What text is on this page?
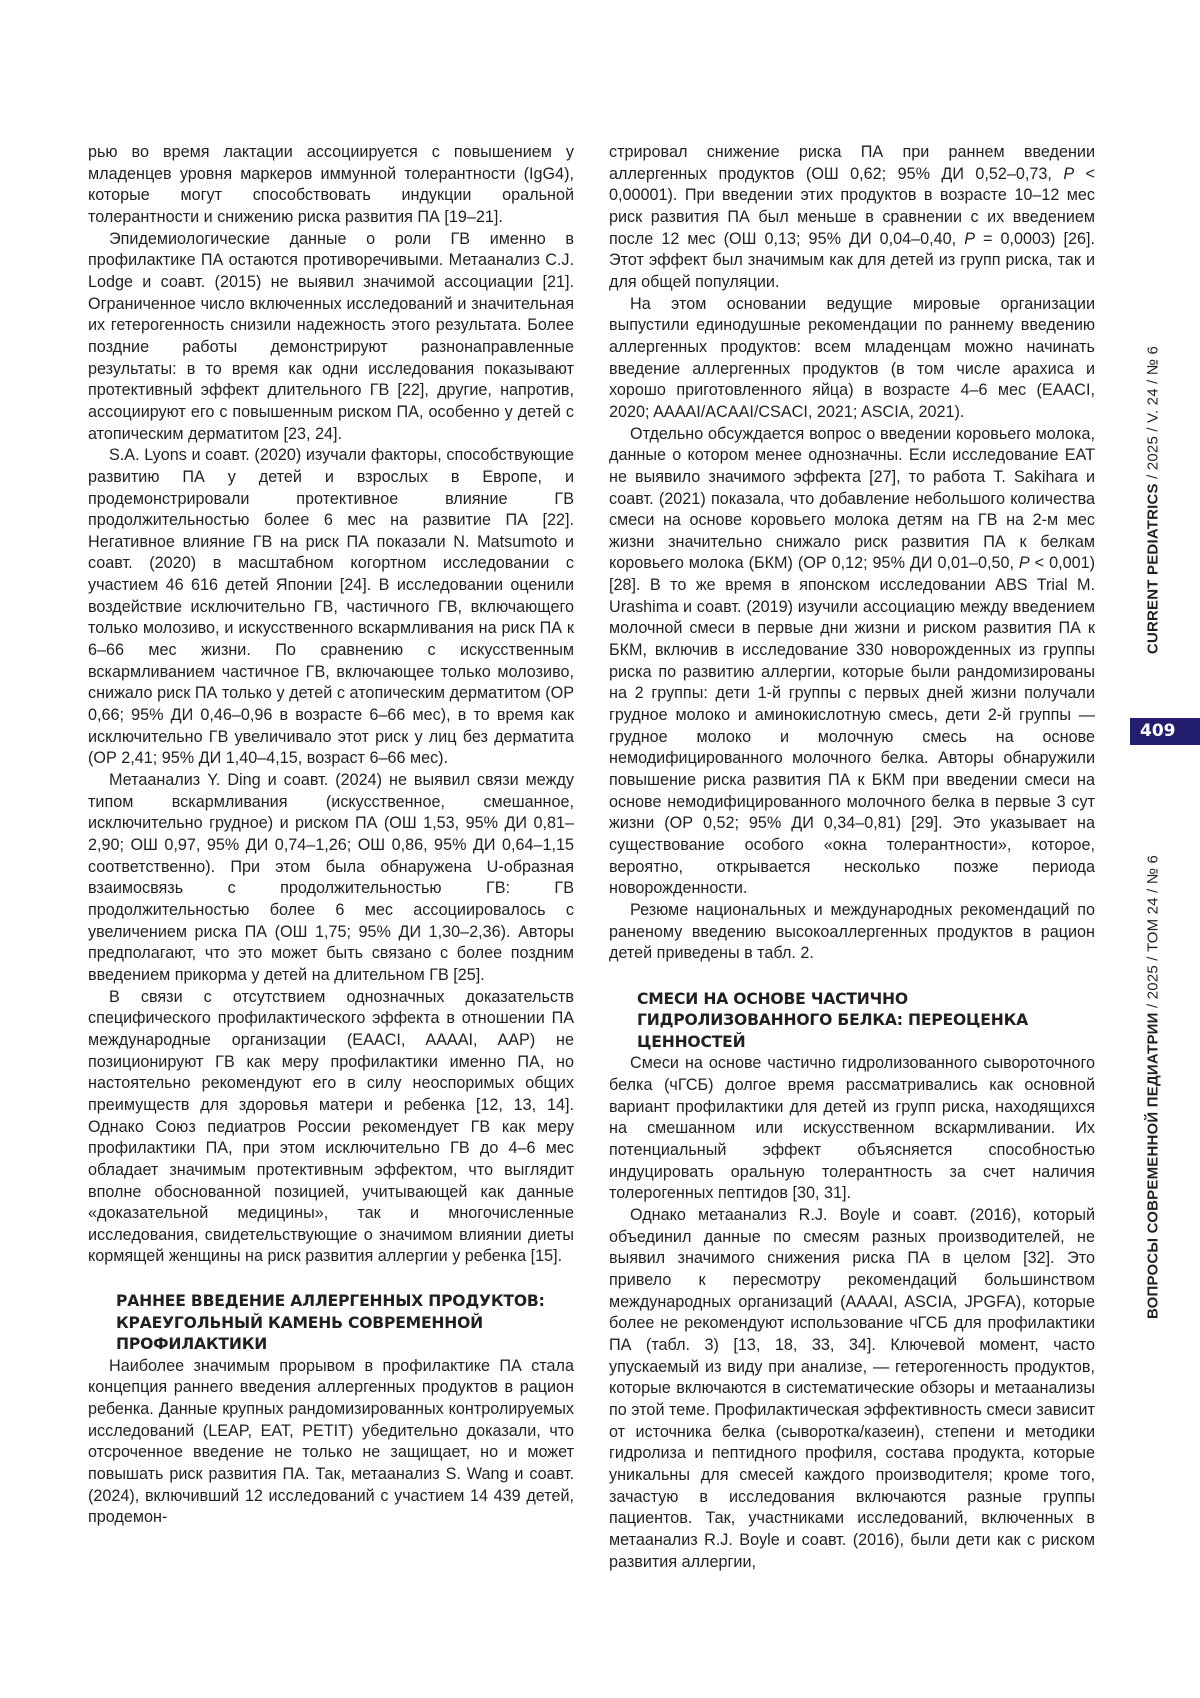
рью во время лактации ассоциируется с повышением у младенцев уровня маркеров иммунной толерантности (IgG4), которые могут способствовать индукции оральной толерантности и снижению риска развития ПА [19–21].

Эпидемиологические данные о роли ГВ именно в профилактике ПА остаются противоречивыми. Метаанализ C.J. Lodge и соавт. (2015) не выявил значимой ассоциации [21]. Ограниченное число включенных исследований и значительная их гетерогенность снизили надежность этого результата. Более поздние работы демонстрируют разнонаправленные результаты: в то время как одни исследования показывают протективный эффект длительного ГВ [22], другие, напротив, ассоциируют его с повышенным риском ПА, особенно у детей с атопическим дерматитом [23, 24].

S.A. Lyons и соавт. (2020) изучали факторы, способствующие развитию ПА у детей и взрослых в Европе, и продемонстрировали протективное влияние ГВ продолжительностью более 6 мес на развитие ПА [22]. Негативное влияние ГВ на риск ПА показали N. Matsumoto и соавт. (2020) в масштабном когортном исследовании с участием 46 616 детей Японии [24]. В исследовании оценили воздействие исключительно ГВ, частичного ГВ, включающего только молозиво, и искусственного вскармливания на риск ПА к 6–66 мес жизни. По сравнению с искусственным вскармливанием частичное ГВ, включающее только молозиво, снижало риск ПА только у детей с атопическим дерматитом (ОР 0,66; 95% ДИ 0,46–0,96 в возрасте 6–66 мес), в то время как исключительно ГВ увеличивало этот риск у лиц без дерматита (ОР 2,41; 95% ДИ 1,40–4,15, возраст 6–66 мес).

Метаанализ Y. Ding и соавт. (2024) не выявил связи между типом вскармливания (искусственное, смешанное, исключительно грудное) и риском ПА (ОШ 1,53, 95% ДИ 0,81–2,90; ОШ 0,97, 95% ДИ 0,74–1,26; ОШ 0,86, 95% ДИ 0,64–1,15 соответственно). При этом была обнаружена U-образная взаимосвязь с продолжительностью ГВ: ГВ продолжительностью более 6 мес ассоциировалось с увеличением риска ПА (ОШ 1,75; 95% ДИ 1,30–2,36). Авторы предполагают, что это может быть связано с более поздним введением прикорма у детей на длительном ГВ [25].

В связи с отсутствием однозначных доказательств специфического профилактического эффекта в отношении ПА международные организации (EAACI, AAAAI, AAP) не позиционируют ГВ как меру профилактики именно ПА, но настоятельно рекомендуют его в силу неоспоримых общих преимуществ для здоровья матери и ребенка [12, 13, 14]. Однако Союз педиатров России рекомендует ГВ как меру профилактики ПА, при этом исключительно ГВ до 4–6 мес обладает значимым протективным эффектом, что выглядит вполне обоснованной позицией, учитывающей как данные «доказательной медицины», так и многочисленные исследования, свидетельствующие о значимом влиянии диеты кормящей женщины на риск развития аллергии у ребенка [15].

РАННЕЕ ВВЕДЕНИЕ АЛЛЕРГЕННЫХ ПРОДУКТОВ: КРАЕУГОЛЬНЫЙ КАМЕНЬ СОВРЕМЕННОЙ ПРОФИЛАКТИКИ

Наиболее значимым прорывом в профилактике ПА стала концепция раннего введения аллергенных продуктов в рацион ребенка. Данные крупных рандомизированных контролируемых исследований (LEAP, EAT, PETIT) убедительно доказали, что отсроченное введение не только не защищает, но и может повышать риск развития ПА. Так, метаанализ S. Wang и соавт. (2024), включивший 12 исследований с участием 14 439 детей, продемон-

стрировал снижение риска ПА при раннем введении аллергенных продуктов (ОШ 0,62; 95% ДИ 0,52–0,73, P < 0,00001). При введении этих продуктов в возрасте 10–12 мес риск развития ПА был меньше в сравнении с их введением после 12 мес (ОШ 0,13; 95% ДИ 0,04–0,40, P = 0,0003) [26]. Этот эффект был значимым как для детей из групп риска, так и для общей популяции.

На этом основании ведущие мировые организации выпустили единодушные рекомендации по раннему введению аллергенных продуктов: всем младенцам можно начинать введение аллергенных продуктов (в том числе арахиса и хорошо приготовленного яйца) в возрасте 4–6 мес (EAACI, 2020; AAAAI/ACAAI/CSACI, 2021; ASCIA, 2021).

Отдельно обсуждается вопрос о введении коровьего молока, данные о котором менее однозначны. Если исследование EAT не выявило значимого эффекта [27], то работа T. Sakihara и соавт. (2021) показала, что добавление небольшого количества смеси на основе коровьего молока детям на ГВ на 2-м мес жизни значительно снижало риск развития ПА к белкам коровьего молока (БКМ) (ОР 0,12; 95% ДИ 0,01–0,50, P < 0,001) [28]. В то же время в японском исследовании ABS Trial M. Urashima и соавт. (2019) изучили ассоциацию между введением молочной смеси в первые дни жизни и риском развития ПА к БКМ, включив в исследование 330 новорожденных из группы риска по развитию аллергии, которые были рандомизированы на 2 группы: дети 1-й группы с первых дней жизни получали грудное молоко и аминокислотную смесь, дети 2-й группы — грудное молоко и молочную смесь на основе немодифицированного молочного белка. Авторы обнаружили повышение риска развития ПА к БКМ при введении смеси на основе немодифицированного молочного белка в первые 3 сут жизни (ОР 0,52; 95% ДИ 0,34–0,81) [29]. Это указывает на существование особого «окна толерантности», которое, вероятно, открывается несколько позже периода новорожденности.

Резюме национальных и международных рекомендаций по раненому введению высокоаллергенных продуктов в рацион детей приведены в табл. 2.

СМЕСИ НА ОСНОВЕ ЧАСТИЧНО ГИДРОЛИЗОВАННОГО БЕЛКА: ПЕРЕОЦЕНКА ЦЕННОСТЕЙ

Смеси на основе частично гидролизованного сывороточного белка (чГСБ) долгое время рассматривались как основной вариант профилактики для детей из групп риска, находящихся на смешанном или искусственном вскармливании. Их потенциальный эффект объясняется способностью индуцировать оральную толерантность за счет наличия толерогенных пептидов [30, 31].

Однако метаанализ R.J. Boyle и соавт. (2016), который объединил данные по смесям разных производителей, не выявил значимого снижения риска ПА в целом [32]. Это привело к пересмотру рекомендаций большинством международных организаций (AAAAI, ASCIA, JPGFA), которые более не рекомендуют использование чГСБ для профилактики ПА (табл. 3) [13, 18, 33, 34]. Ключевой момент, часто упускаемый из виду при анализе, — гетерогенность продуктов, которые включаются в систематические обзоры и метаанализы по этой теме. Профилактическая эффективность смеси зависит от источника белка (сыворотка/казеин), степени и методики гидролиза и пептидного профиля, состава продукта, которые уникальны для смесей каждого производителя; кроме того, зачастую в исследования включаются разные группы пациентов. Так, участниками исследований, включенных в метаанализ R.J. Boyle и соавт. (2016), были дети как с риском развития аллергии,

CURRENT PEDIATRICS / 2025 / V. 24 / № 6
409
ВОПРОСЫ СОВРЕМЕННОЙ ПЕДИАТРИИ / 2025 / ТОМ 24 / № 6
